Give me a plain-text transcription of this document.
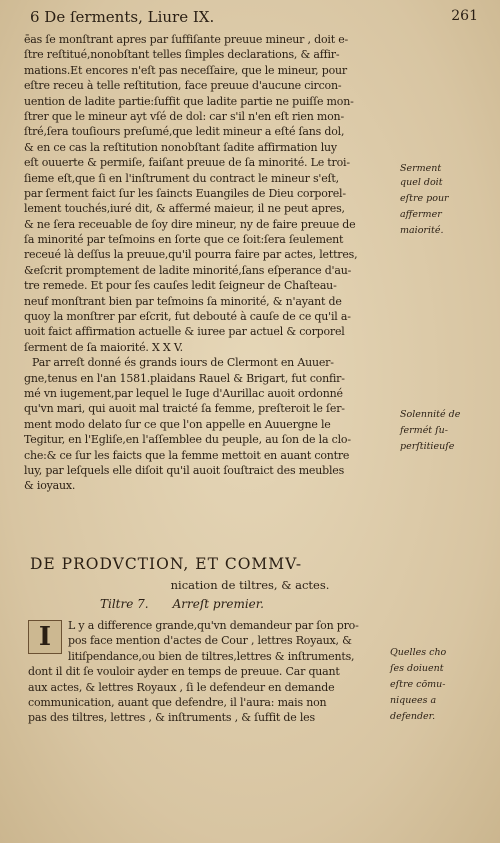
6 De ſerments, Liure IX.	261
ēas ſe monſtrant apres par ſuffiſante preuue mineur , doit e-
ſtre reſtitué,nonobſtant telles ſimples declarations, & affir-
mations.Et encores n'eſt pas neceſſaire, que le mineur, pour
eſtre receu à telle reſtitution, face preuue d'aucune circon-
uention de ladite partie:ſuffit que ladite partie ne puiſſe mon-
ſtrer que le mineur ayt vſé de dol: car s'il n'en eſt rien mon-
ſtré,ſera touſiours preſumé,que ledit mineur a eſté ſans dol,
& en ce cas la reſtitution nonobſtant ſadite affirmation luy
eſt ouuerte & permiſe, faiſant preuue de ſa minorité. Le troi-
ſieme eſt,que ſi en l'inſtrument du contract le mineur s'eſt,
par ſerment faict ſur les ſaincts Euangiles de Dieu corporel-
lement touchés,iuré dit, & affermé maieur, il ne peut apres,
& ne ſera receuable de ſoy dire mineur, ny de faire preuue de
ſa minorité par teſmoins en ſorte que ce ſoit:ſera ſeulement
receué là deſſus la preuue,qu'il pourra faire par actes, lettres,
&eſcrit promptement de ladite minorité,ſans eſperance d'au-
tre remede. Et pour ſes cauſes ledit ſeigneur de Chaſteau-
neuf monſtrant bien par teſmoins ſa minorité, & n'ayant de
quoy la monſtrer par eſcrit, fut debouté à cauſe de ce qu'il a-
uoit faict affirmation actuelle & iuree par actuel & corporel
ſerment de ſa maiorité. X X V.
Par arreſt donné és grands iours de Clermont en Auuer-
gne,tenus en l'an 1581.plaidans Rauel & Brigart, fut confir-
mé vn iugement,par lequel le Iuge d'Aurillac auoit ordonné
qu'vn mari, qui auoit mal traicté ſa femme, preſteroit le ſer-
ment modo delato ſur ce que l'on appelle en Auuergne le
Tegitur, en l'Egliſe,en l'aſſemblee du peuple, au ſon de la clo-
che:& ce ſur les faicts que la femme mettoit en auant contre
luy, par leſquels elle diſoit qu'il auoit ſouſtraict des meubles
& ioyaux.
Serment
quel doit
eſtre pour
affermer
maiorité.
Solennité de
fermét ſu-
perſtitieuſe
DE PRODVCTION, ET COMMV-
nication de tiltres, & actes.
Tiltre 7. Arreſt premier.
I	L y a difference grande,qu'vn demandeur par ſon pro-
pos face mention d'actes de Cour , lettres Royaux, &
litiſpendance,ou bien de tiltres,lettres & inſtruments,
dont il dit ſe vouloir ayder en temps de preuue. Car quant
aux actes, & lettres Royaux , ſi le defendeur en demande
communication, auant que defendre, il l'aura: mais non
pas des tiltres, lettres , & inſtruments , & ſuffit de les
Quelles cho
ſes doiuent
eſtre cōmu-
niquees a
defender.
